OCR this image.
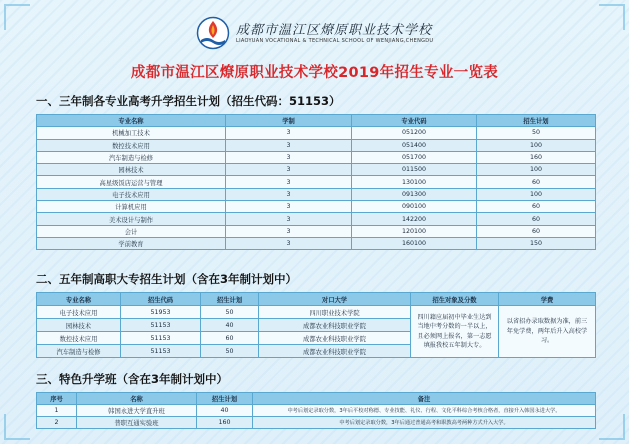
成都市温江区燎原职业技术学校
LIAOYUAN VOCATIONAL & TECHNICAL SCHOOL OF WENJIANG,CHENGDU
成都市温江区燎原职业技术学校2019年招生专业一览表
一、三年制各专业高考升学招生计划（招生代码：51153）
专业名称	学制	专业代码	招生计划
机械加工技术	3	051200	50
数控技术应用	3	051400	100
汽车制造与检修	3	051700	160
园林技术	3	011500	100
高星级饭店运营与管理	3	130100	60
电子技术应用	3	091300	100
计算机应用	3	090100	60
美术设计与制作	3	142200	60
会计	3	120100	60
学前教育	3	160100	150
二、五年制高职大专招生计划（含在3年制计划中）
专业名称	招生代码	招生计划	对口大学	招生对象及分数	学费
电子技术应用	51953	50	四川职业技术学院	四川籍应届初中毕业生达到当地中考分数的一半以上，且必须网上报名，第一志愿填报我校五年制大专。	以省招办录取数据为准，前三年免学费，两年后升入高校学习。
园林技术	51153	40	成都农业科技职业学院		
数控技术应用	51153	60	成都农业科技职业学院		
汽车制造与检修	51153	50	成都农业科技职业学院		
三、特色升学班（含在3年制计划中）
序号	名称	招生计划	备注
1	韩国永进大学直升班	40	中考后划定录取分数，3年后平校对称德、专业技能、礼仪、行程、文化平科综合考核合格者，直接升入韩国永进大学。
2	普职互通实验班	160	中考后划定录取分数，3年后通过普通高考和职教高考两种方式升入大学。
